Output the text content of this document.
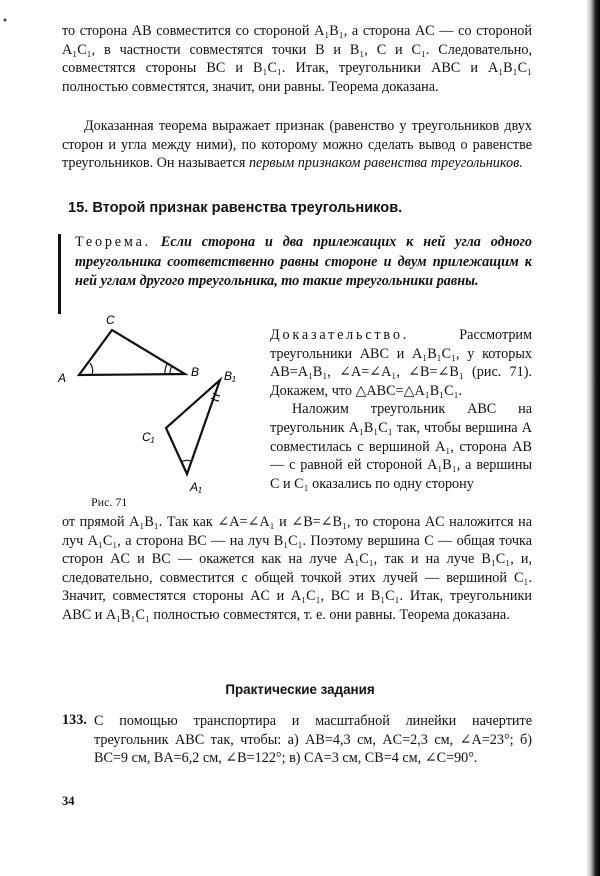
то сторона AB совместится со стороной A₁B₁, а сторона AC — со стороной A₁C₁, в частности совместятся точки B и B₁, C и C₁. Следовательно, совместятся стороны BC и B₁C₁. Итак, треугольники ABC и A₁B₁C₁ полностью совместятся, значит, они равны. Теорема доказана.

Доказанная теорема выражает признак (равенство у треугольников двух сторон и угла между ними), по которому можно сделать вывод о равенстве треугольников. Он называется первым признаком равенства треугольников.

15. Второй признак равенства треугольников.

Теорема. Если сторона и два прилежащих к ней угла одного треугольника соответственно равны стороне и двум прилежащим к ней углам другого треугольника, то такие треугольники равны.

A
C
B B₁
C₁
A₁

Рис. 71

Доказательство.	Рассмотрим треугольники ABC и A₁B₁C₁, у которых AB=A₁B₁, ∠A=∠A₁, ∠B=∠B₁ (рис. 71). Докажем, что △ABC=△A₁B₁C₁.

Наложим треугольник ABC на треугольник A₁B₁C₁ так, чтобы вершина A совместилась с вершиной A₁, сторона AB — с равной ей стороной A₁B₁, а вершины C и C₁ оказались по одну сторону

от прямой A₁B₁. Так как ∠A=∠A₁ и ∠B=∠B₁, то сторона AC наложится на луч A₁C₁, а сторона BC — на луч B₁C₁. Поэтому вершина C — общая точка сторон AC и BC — окажется как на луче A₁C₁, так и на луче B₁C₁, и, следовательно, совместится с общей точкой этих лучей — вершиной C₁. Значит, совместятся стороны AC и A₁C₁, BC и B₁C₁. Итак, треугольники ABC и A₁B₁C₁ полностью совместятся, т. е. они равны. Теорема доказана.

Практические задания

133. С помощью транспортира и масштабной линейки начертите треугольник ABC так, чтобы: а) AB=4,3 см, AC=2,3 см, ∠A=23°; б) BC=9 см, BA=6,2 см, ∠B=122°; в) CA=3 см, CB=4 см, ∠C=90°.

34
